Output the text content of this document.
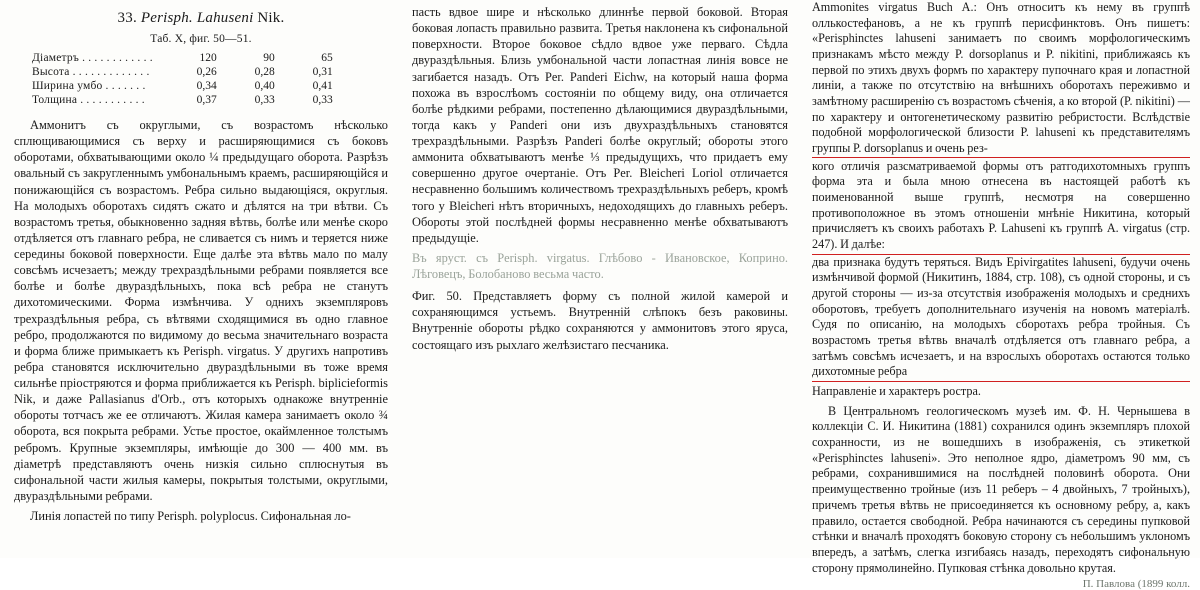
33. Perisph. Lahuseni Nik.
Таб. X, фиг. 50—51.
Діаметръ . . . . . . . . . . . .	120	90	65
Высота . . . . . . . . . . . . .	0,26	0,28	0,31
Ширина умбо . . . . . . .	0,34	0,40	0,41
Толщина . . . . . . . . . . .	0,37	0,33	0,33

Аммонитъ съ округлыми, съ возрастомъ нѣсколько сплющивающимися съ верху и расширяющимися съ боковъ оборотами, обхватывающими около ¼ предыдущаго оборота. Разрѣзъ овальный съ закругленнымъ умбональнымъ краемъ, расширяющійся и понижающійся съ возрастомъ. Ребра сильно выдающіяся, округлыя. На молодыхъ оборотахъ сидятъ сжато и дѣлятся на три вѣтви. Съ возрастомъ третья, обыкновенно задняя вѣтвь, болѣе или менѣе скоро отдѣляется отъ главнаго ребра, не сливается съ нимъ и теряется ниже середины боковой поверхности. Еще далѣе эта вѣтвь мало по малу совсѣмъ исчезаетъ; между трехраздѣльными ребрами появляется все болѣе и болѣе двураздѣльныхъ, пока всѣ ребра не станутъ дихотомическими. Форма измѣнчива. У однихъ экземпляровъ трехраздѣльныя ребра, съ вѣтвями сходящимися въ одно главное ребро, продолжаются по видимому до весьма значительнаго возраста и форма ближе примыкаетъ къ Perisph. virgatus. У другихъ напротивъ ребра становятся исключительно двураздѣльными въ тоже время сильнѣе пріостряются и форма приближается къ Perisph. biplicieformis Nik, и даже Pallasianus d'Orb., отъ которыхъ однакоже внутренніе обороты тотчасъ же ее отличаютъ. Жилая камера занимаетъ около ¾ оборота, вся покрыта ребрами. Устье простое, окаймленное толстымъ ребромъ. Крупные экземпляры, имѣющіе до 300 — 400 мм. въ діаметрѣ представляютъ очень низкія сильно сплюснутыя въ сифональной части жилыя камеры, покрытыя толстыми, округлыми, двураздѣльными ребрами.

Линія лопастей по типу Perisph. polyplocus. Сифональная ло-

пасть вдвое шире и нѣсколько длиннѣе первой боковой. Вторая боковая лопасть правильно развита. Третья наклонена къ сифональной поверхности. Второе боковое сѣдло вдвое уже перваго. Сѣдла двураздѣльныя. Близь умбональной части лопастная линія вовсе не загибается назадъ. Отъ Per. Panderi Eichw, на который наша форма похожа въ взрослѣомъ состояніи по общему виду, она отличается болѣе рѣдкими ребрами, постепенно дѣлающимися двураздѣльными, тогда какъ у Panderi они изъ двухраздѣльныхъ становятся трехраздѣльными. Разрѣзъ Panderi болѣе округлый; обороты этого аммонита обхватываютъ менѣе ⅓ предыдущихъ, что придаетъ ему совершенно другое очертаніе. Отъ Per. Bleicheri Loriol отличается несравненно большимъ количествомъ трехраздѣльныхъ реберъ, кромѣ того у Bleicheri нѣтъ вторичныхъ, недоходящихъ до главныхъ реберъ. Обороты этой послѣдней формы несравненно менѣе обхватываютъ предыдущіе.

Въ яруст. съ Perisph. virgatus. Глѣбово - Ивановское, Коприно. Лѣговецъ, Болобаново весьма часто.

Фиг. 50. Представляетъ форму съ полной жилой камерой и сохраняющимся устьемъ. Внутренній слѣпокъ безъ раковины. Внутренніе обороты рѣдко сохраняются у аммонитовъ этого яруса, состоящаго изъ рыхлаго желѣзистаго песчаника.

Ammonites virgatus Buch A.: Онъ относитъ къ нему въ группѣ оллькостефановъ, а не къ группѣ перисфинктовъ. Онъ пишетъ: «Perisphinctes lahuseni занимаетъ по своимъ морфологическимъ признакамъ мѣсто между P. dorsoplanus и P. nikitini, приближаясь къ первой по этихъ двухъ формъ по характеру пупочнаго края и лопастной линіи, а также по отсутствію на внѣшнихъ оборотахъ переживмо и замѣтному расширенію съ возрастомъ сѣченія, а ко второй (P. nikitini) — по характеру и онтогенетическому развитію ребристости. Вслѣдствіе подобной морфологической близости P. lahuseni къ представителямъ группы P. dorsoplanus и очень рез-

кого отличія разсматриваемой формы отъ ратгодихотомныхъ группъ форма эта и была мною отнесена въ настоящей работѣ къ поименованной выше группѣ, несмотря на совершенно противоположное въ этомъ отношеніи мнѣніе Никитина, который причисляетъ къ своихъ работахъ P. Lahuseni къ группѣ A. virgatus (стр. 247). И далѣе:

два признака будутъ теряться. Видъ Epivirgatites lahuseni, будучи очень измѣнчивой формой (Никитинъ, 1884, стр. 108), съ одной стороны, и съ другой стороны — из-за отсутствія изображенія молодыхъ и среднихъ оборотовъ, требуетъ дополнительнаго изученія на новомъ матеріалѣ. Судя по описанію, на молодыхъ сборотахъ ребра тройныя. Съ возрастомъ третья вѣтвь вначалѣ отдѣляется отъ главнаго ребра, а затѣмъ совсѣмъ исчезаетъ, и на взрослыхъ оборотахъ остаются только дихотомные ребра

Направленіе и характеръ ростра.

В Центральномъ геологическомъ музеѣ им. Ф. Н. Чернышева в коллекціи С. И. Никитина (1881) сохранился одинъ экземпляръ плохой сохранности, из не вошедшихъ в изображенія, съ этикеткой «Perisphinctes lahuseni». Это неполное ядро, діаметромъ 90 мм, съ ребрами, сохранившимися на послѣдней половинѣ оборота. Они преимущественно тройные (изъ 11 реберъ – 4 двойныхъ, 7 тройныхъ), причемъ третья вѣтвь не присоединяется къ основному ребру, а, какъ правило, остается свободной. Ребра начинаются съ середины пупковой стѣнки и вначалѣ проходятъ боковую сторону съ небольшимъ уклономъ впередъ, а затѣмъ, слегка изгибаясь назадъ, переходятъ сифональную сторону прямолинейно. Пупковая стѣнка довольно крутая.

П. Павлова (1899 колл.
